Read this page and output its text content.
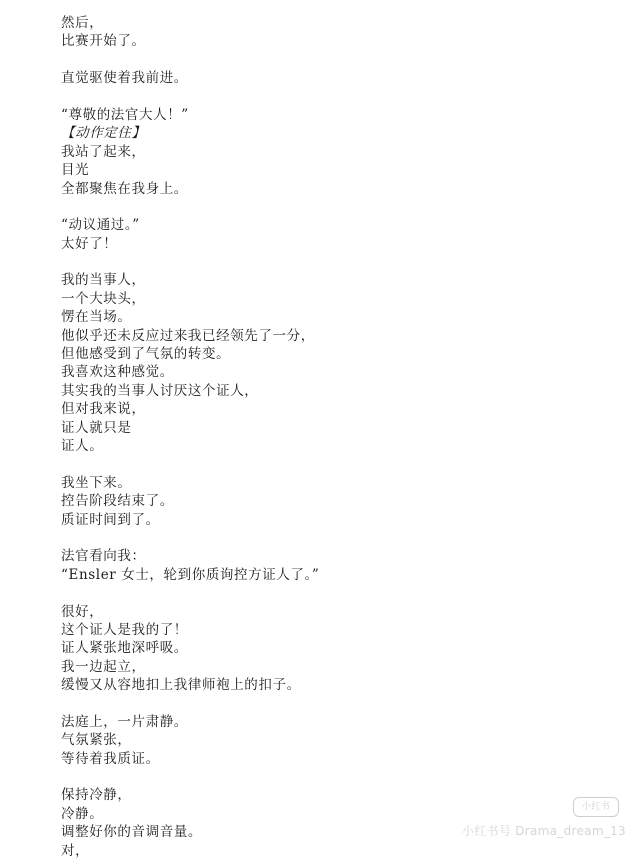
然后，
比赛开始了。
直觉驱使着我前进。
“尊敬的法官大人！”
【动作定住】
我站了起来，
目光
全都聚焦在我身上。
“动议通过。”
太好了！
我的当事人，
一个大块头，
愣在当场。
他似乎还未反应过来我已经领先了一分，
但他感受到了气氛的转变。
我喜欢这种感觉。
其实我的当事人讨厌这个证人，
但对我来说，
证人就只是
证人。
我坐下来。
控告阶段结束了。
质证时间到了。
法官看向我：
“Ensler 女士，轮到你质询控方证人了。”
很好，
这个证人是我的了！
证人紧张地深呼吸。
我一边起立，
缓慢又从容地扣上我律师袍上的扣子。
法庭上，一片肃静。
气氛紧张，
等待着我质证。
保持冷静，
冷静。
调整好你的音调音量。
对，
小红书
小红书号 Drama_dream_13
